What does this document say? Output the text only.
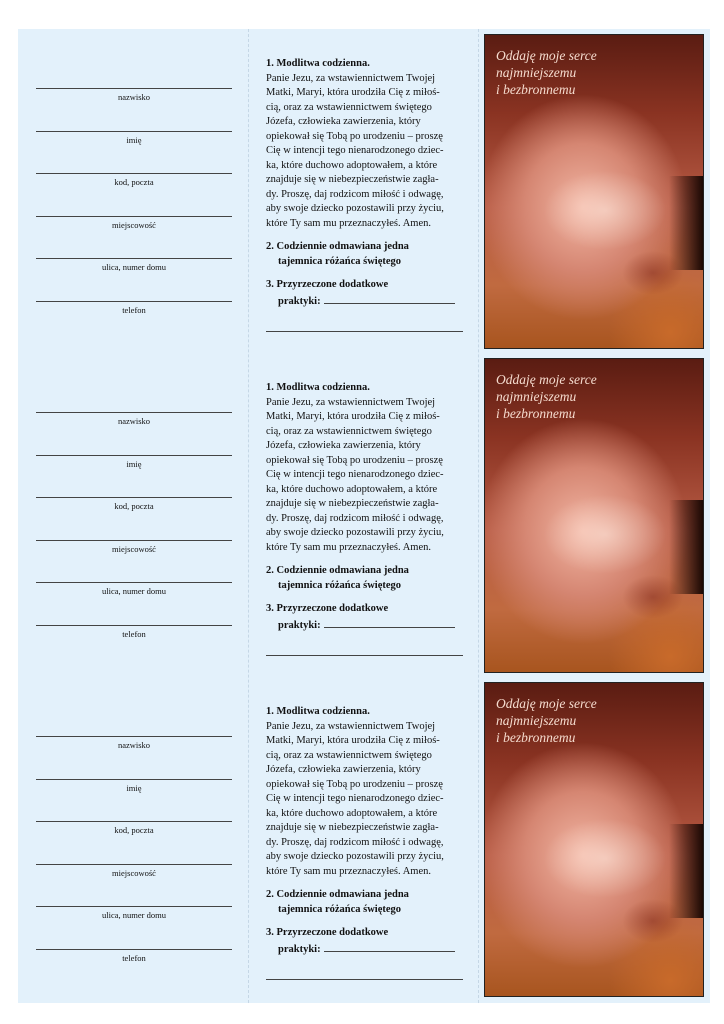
nazwisko
imię
kod, poczta
miejscowość
ulica, numer domu
telefon
1. Modlitwa codzienna.
Panie Jezu, za wstawiennictwem Twojej
Matki, Maryi, która urodziła Cię z miłoś-
cią, oraz za wstawiennictwem świętego
Józefa, człowieka zawierzenia, który
opiekował się Tobą po urodzeniu – proszę
Cię w intencji tego nienarodzonego dziec-
ka, które duchowo adoptowałem, a które
znajduje się w niebezpieczeństwie zagła-
dy. Proszę, daj rodzicom miłość i odwagę,
aby swoje dziecko pozostawili przy życiu,
które Ty sam mu przeznaczyłeś. Amen.
2. Codziennie odmawiana jedna
tajemnica różańca świętego
3. Przyrzeczone dodatkowe
praktyki:
Oddaję moje serce
najmniejszemu
i bezbronnemu
nazwisko
imię
kod, poczta
miejscowość
ulica, numer domu
telefon
1. Modlitwa codzienna.
Panie Jezu, za wstawiennictwem Twojej
Matki, Maryi, która urodziła Cię z miłoś-
cią, oraz za wstawiennictwem świętego
Józefa, człowieka zawierzenia, który
opiekował się Tobą po urodzeniu – proszę
Cię w intencji tego nienarodzonego dziec-
ka, które duchowo adoptowałem, a które
znajduje się w niebezpieczeństwie zagła-
dy. Proszę, daj rodzicom miłość i odwagę,
aby swoje dziecko pozostawili przy życiu,
które Ty sam mu przeznaczyłeś. Amen.
2. Codziennie odmawiana jedna
tajemnica różańca świętego
3. Przyrzeczone dodatkowe
praktyki:
Oddaję moje serce
najmniejszemu
i bezbronnemu
nazwisko
imię
kod, poczta
miejscowość
ulica, numer domu
telefon
1. Modlitwa codzienna.
Panie Jezu, za wstawiennictwem Twojej
Matki, Maryi, która urodziła Cię z miłoś-
cią, oraz za wstawiennictwem świętego
Józefa, człowieka zawierzenia, który
opiekował się Tobą po urodzeniu – proszę
Cię w intencji tego nienarodzonego dziec-
ka, które duchowo adoptowałem, a które
znajduje się w niebezpieczeństwie zagła-
dy. Proszę, daj rodzicom miłość i odwagę,
aby swoje dziecko pozostawili przy życiu,
które Ty sam mu przeznaczyłeś. Amen.
2. Codziennie odmawiana jedna
tajemnica różańca świętego
3. Przyrzeczone dodatkowe
praktyki:
Oddaję moje serce
najmniejszemu
i bezbronnemu
